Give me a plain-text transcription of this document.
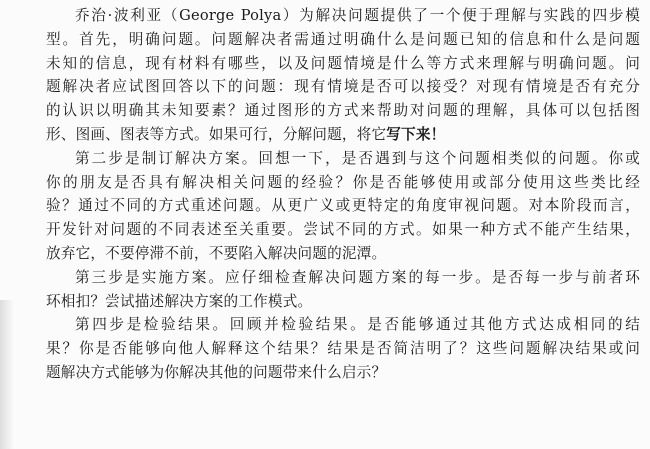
乔治·波利亚（George Polya）为解决问题提供了一个便于理解与实践的四步模
型。首先，明确问题。问题解决者需通过明确什么是问题已知的信息和什么是问题
未知的信息，现有材料有哪些，以及问题情境是什么等方式来理解与明确问题。问
题解决者应试图回答以下的问题：现有情境是否可以接受？对现有情境是否有充分
的认识以明确其未知要素？通过图形的方式来帮助对问题的理解，具体可以包括图
形、图画、图表等方式。如果可行，分解问题，将它写下来！
第二步是制订解决方案。回想一下，是否遇到与这个问题相类似的问题。你或
你的朋友是否具有解决相关问题的经验？你是否能够使用或部分使用这些类比经
验？通过不同的方式重述问题。从更广义或更特定的角度审视问题。对本阶段而言，
开发针对问题的不同表述至关重要。尝试不同的方式。如果一种方式不能产生结果，
放弃它，不要停滞不前，不要陷入解决问题的泥潭。
第三步是实施方案。应仔细检查解决问题方案的每一步。是否每一步与前者环
环相扣？尝试描述解决方案的工作模式。
第四步是检验结果。回顾并检验结果。是否能够通过其他方式达成相同的结
果？你是否能够向他人解释这个结果？结果是否简洁明了？这些问题解决结果或问
题解决方式能够为你解决其他的问题带来什么启示？
